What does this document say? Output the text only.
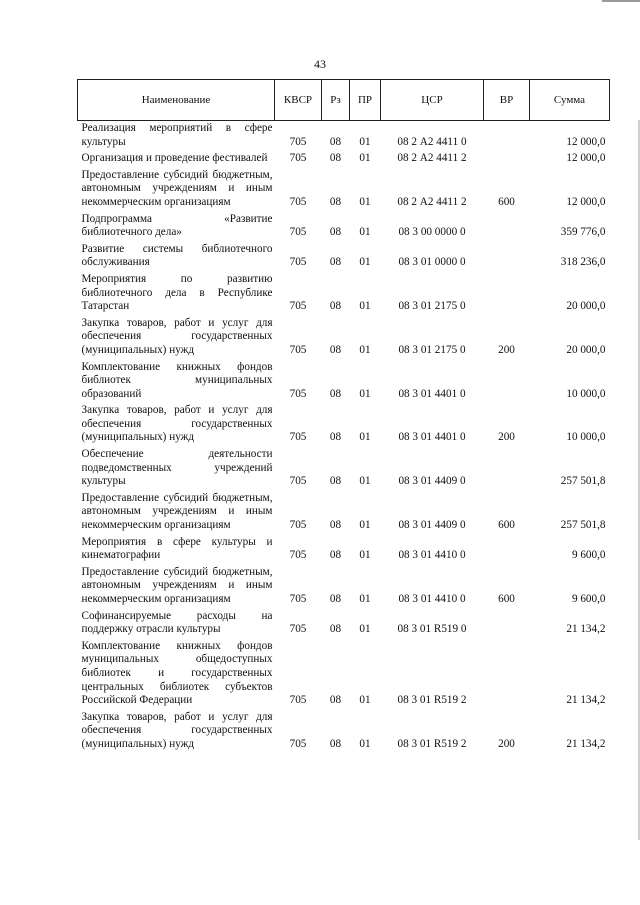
43
Наименование	КВСР	Рз	ПР	ЦСР	ВР	Сумма
Реализация мероприятий в сфере культуры	705	08	01	08 2 А2 4411 0		12 000,0
Организация и проведение фестивалей	705	08	01	08 2 А2 4411 2		12 000,0
Предоставление субсидий бюджетным, автономным учреждениям и иным некоммерческим организациям	705	08	01	08 2 А2 4411 2	600	12 000,0
Подпрограмма «Развитие библиотечного дела»	705	08	01	08 3 00 0000 0		359 776,0
Развитие системы библиотечного обслуживания	705	08	01	08 3 01 0000 0		318 236,0
Мероприятия по развитию библиотечного дела в Республике Татарстан	705	08	01	08 3 01 2175 0		20 000,0
Закупка товаров, работ и услуг для обеспечения государственных (муниципальных) нужд	705	08	01	08 3 01 2175 0	200	20 000,0
Комплектование книжных фондов библиотек муниципальных образований	705	08	01	08 3 01 4401 0		10 000,0
Закупка товаров, работ и услуг для обеспечения государственных (муниципальных) нужд	705	08	01	08 3 01 4401 0	200	10 000,0
Обеспечение деятельности подведомственных учреждений культуры	705	08	01	08 3 01 4409 0		257 501,8
Предоставление субсидий бюджетным, автономным учреждениям и иным некоммерческим организациям	705	08	01	08 3 01 4409 0	600	257 501,8
Мероприятия в сфере культуры и кинематографии	705	08	01	08 3 01 4410 0		9 600,0
Предоставление субсидий бюджетным, автономным учреждениям и иным некоммерческим организациям	705	08	01	08 3 01 4410 0	600	9 600,0
Софинансируемые расходы на поддержку отрасли культуры	705	08	01	08 3 01 R519 0		21 134,2
Комплектование книжных фондов муниципальных общедоступных библиотек и государственных центральных библиотек субъектов Российской Федерации	705	08	01	08 3 01 R519 2		21 134,2
Закупка товаров, работ и услуг для обеспечения государственных (муниципальных) нужд	705	08	01	08 3 01 R519 2	200	21 134,2
